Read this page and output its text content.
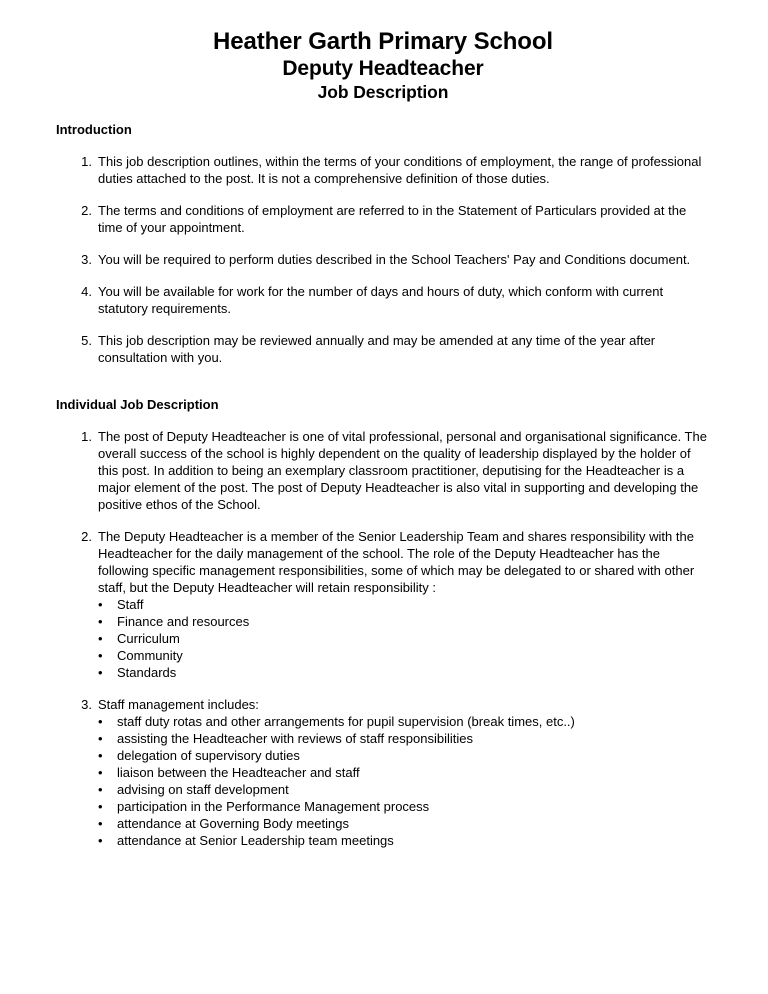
Heather Garth Primary School
Deputy Headteacher
Job Description
Introduction
1. This job description outlines, within the terms of your conditions of employment, the range of professional duties attached to the post. It is not a comprehensive definition of those duties.
2. The terms and conditions of employment are referred to in the Statement of Particulars provided at the time of your appointment.
3. You will be required to perform duties described in the School Teachers' Pay and Conditions document.
4. You will be available for work for the number of days and hours of duty, which conform with current statutory requirements.
5. This job description may be reviewed annually and may be amended at any time of the year after consultation with you.
Individual Job Description
1. The post of Deputy Headteacher is one of vital professional, personal and organisational significance. The overall success of the school is highly dependent on the quality of leadership displayed by the holder of this post. In addition to being an exemplary classroom practitioner, deputising for the Headteacher is a major element of the post. The post of Deputy Headteacher is also vital in supporting and developing the positive ethos of the School.
2. The Deputy Headteacher is a member of the Senior Leadership Team and shares responsibility with the Headteacher for the daily management of the school. The role of the Deputy Headteacher has the following specific management responsibilities, some of which may be delegated to or shared with other staff, but the Deputy Headteacher will retain responsibility :
• Staff
• Finance and resources
• Curriculum
• Community
• Standards
3. Staff management includes:
• staff duty rotas and other arrangements for pupil supervision (break times, etc..)
• assisting the Headteacher with reviews of staff responsibilities
• delegation of supervisory duties
• liaison between the Headteacher and staff
• advising on staff development
• participation in the Performance Management process
• attendance at Governing Body meetings
• attendance at Senior Leadership team meetings
